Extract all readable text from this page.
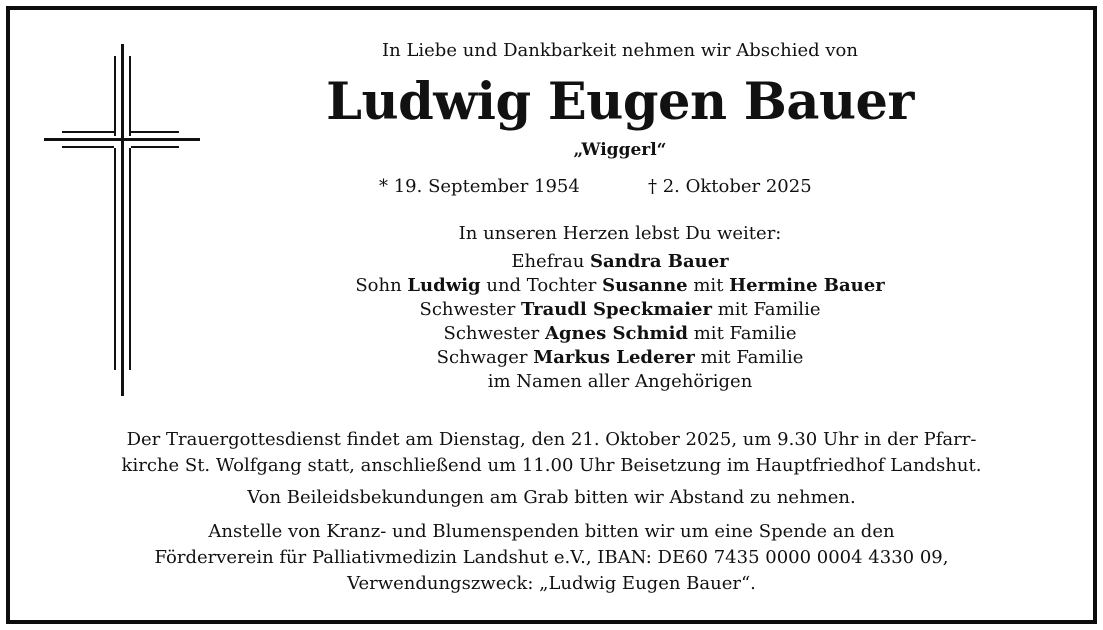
In Liebe und Dankbarkeit nehmen wir Abschied von
Ludwig Eugen Bauer
„Wiggerl“
* 19. September 1954	† 2. Oktober 2025
In unseren Herzen lebst Du weiter:
Ehefrau Sandra Bauer
Sohn Ludwig und Tochter Susanne mit Hermine Bauer
Schwester Traudl Speckmaier mit Familie
Schwester Agnes Schmid mit Familie
Schwager Markus Lederer mit Familie
im Namen aller Angehörigen
Der Trauergottesdienst findet am Dienstag, den 21. Oktober 2025, um 9.30 Uhr in der Pfarr-
kirche St. Wolfgang statt, anschließend um 11.00 Uhr Beisetzung im Hauptfriedhof Landshut.
Von Beileidsbekundungen am Grab bitten wir Abstand zu nehmen.
Anstelle von Kranz- und Blumenspenden bitten wir um eine Spende an den
Förderverein für Palliativmedizin Landshut e.V., IBAN: DE60 7435 0000 0004 4330 09,
Verwendungszweck: „Ludwig Eugen Bauer“.
